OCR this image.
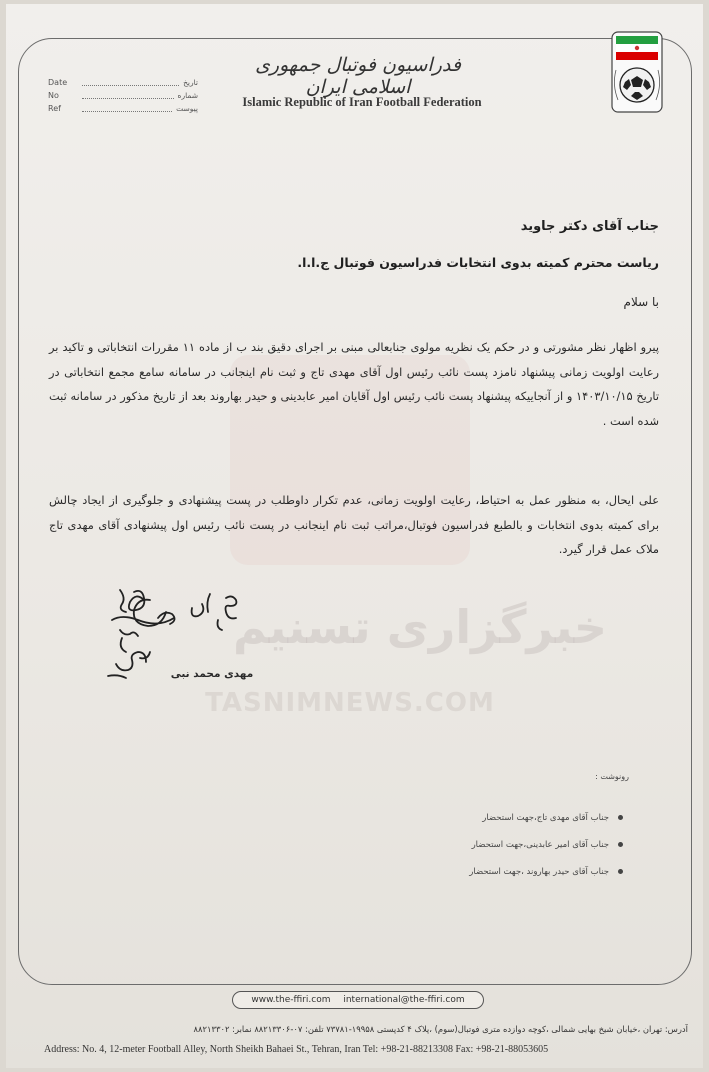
Date	تاریخ
No	شماره
Ref	پیوست
فدراسیون فوتبال جمهوری اسلامی ایران
Islamic Republic of Iran Football Federation
جناب آقای دکتر جاوید
ریاست محترم کمیته بدوی انتخابات فدراسیون فوتبال ج.ا.ا.
با سلام
پیرو اظهار نظر مشورتی و در حکم یک نظریه مولوی جنابعالی مبنی بر اجرای دقیق بند ب از ماده ۱۱ مقررات انتخاباتی و تاکید بر رعایت اولویت زمانی پیشنهاد نامزد پست نائب رئیس اول آقای مهدی تاج و ثبت نام اینجانب در سامانه سامع مجمع انتخاباتی در تاریخ ۱۴۰۳/۱۰/۱۵ و از آنجاییکه پیشنهاد پست نائب رئیس اول آقایان امیر عابدینی و حیدر بهاروند بعد از تاریخ مذکور در سامانه ثبت شده است .
علی ایحال، به منظور عمل به احتیاط، رعایت اولویت زمانی، عدم تکرار داوطلب در پست پیشنهادی و جلوگیری از ایجاد چالش برای کمیته بدوی انتخابات و بالطبع فدراسیون فوتبال،مراتب ثبت نام اینجانب در پست نائب رئیس اول پیشنهادی آقای مهدی تاج ملاک عمل قرار گیرد.
خبرگزاری تسنیم
TASNIMNEWS.COM
مهدی محمد نبی
رونوشت :
جناب آقای مهدی تاج،جهت استحضار
جناب آقای امیر عابدینی،جهت استحضار
جناب آقای حیدر بهاروند ،جهت استحضار
www.the-ffiri.com international@the-ffiri.com
آدرس: تهران ،خیابان شیخ بهایی شمالی ،کوچه دوازده متری فوتبال(سوم) ،پلاک ۴ کدپستی ۱۹۹۵۸-۷۳۷۸۱ تلفن: ۰۷-۸۸۲۱۳۳۰۶ نمابر: ۸۸۲۱۳۳۰۲
Address: No. 4, 12-meter Football Alley, North Sheikh Bahaei St., Tehran, Iran Tel: +98-21-88213308 Fax: +98-21-88053605
